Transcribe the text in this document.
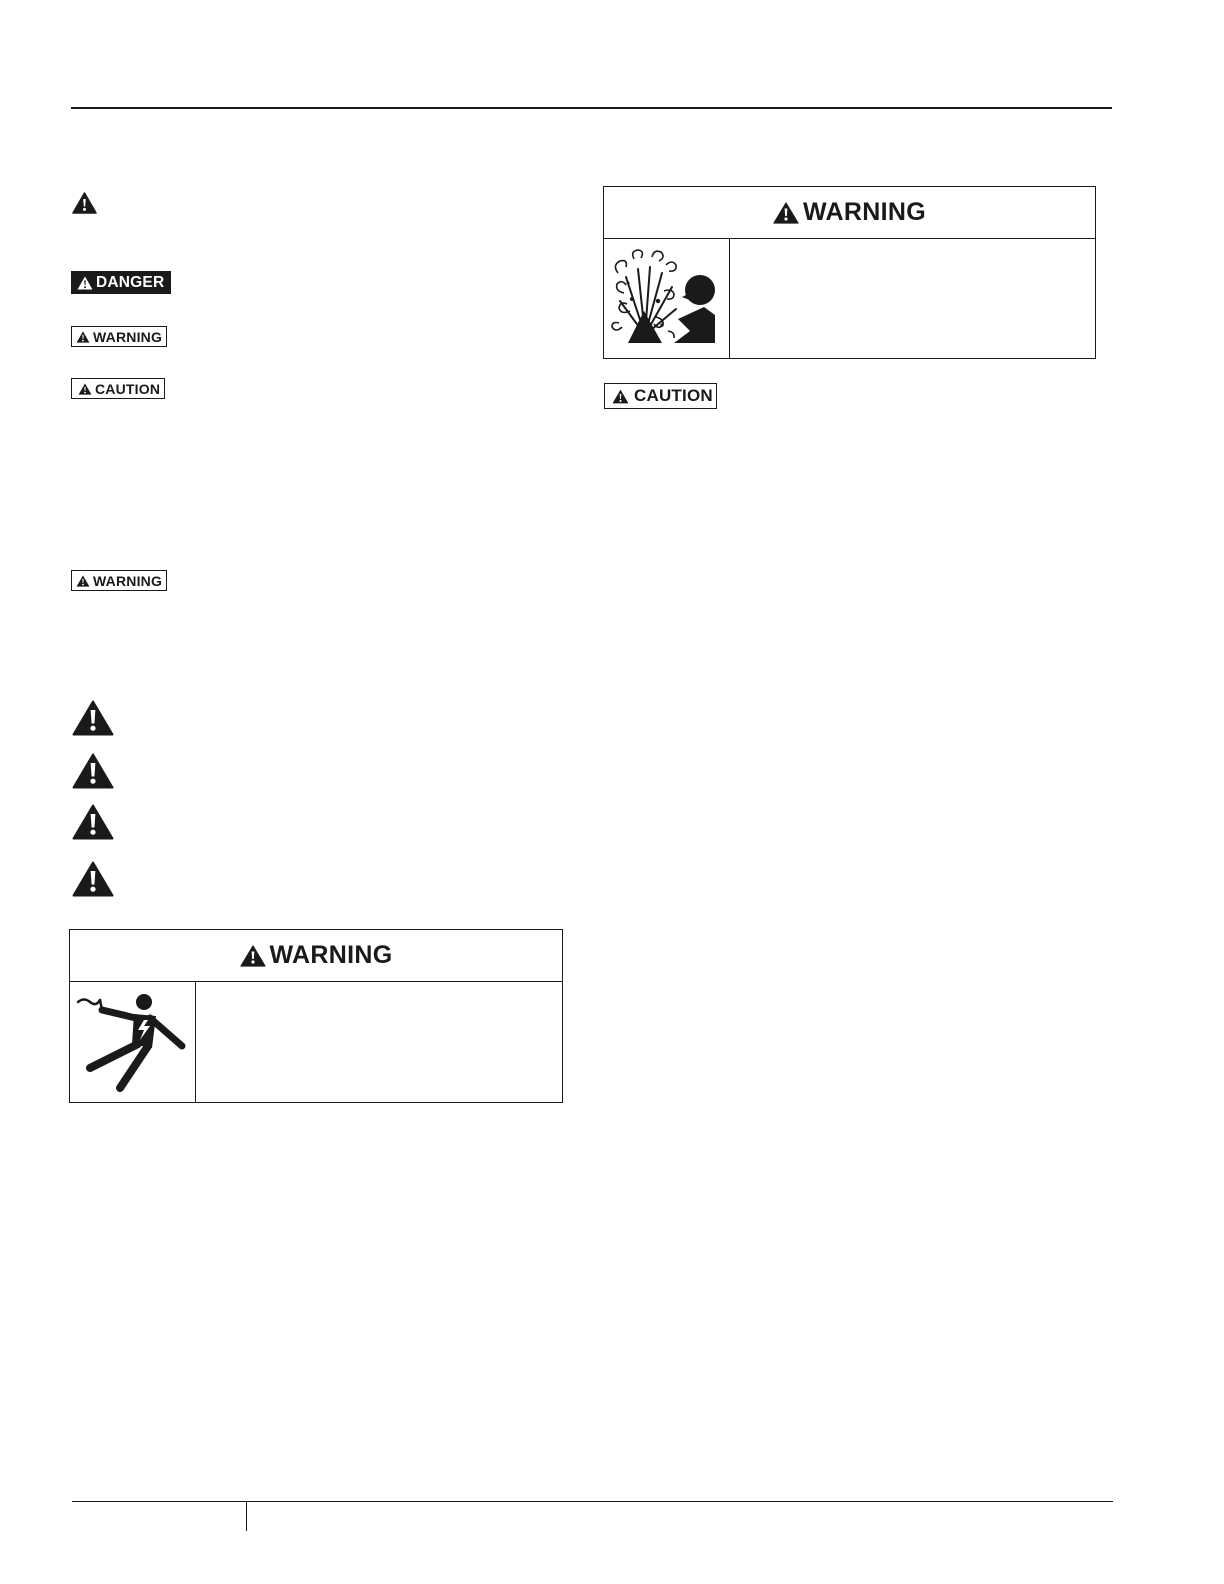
DANGER
WARNING
CAUTION
WARNING
WARNING
CAUTION
WARNING
